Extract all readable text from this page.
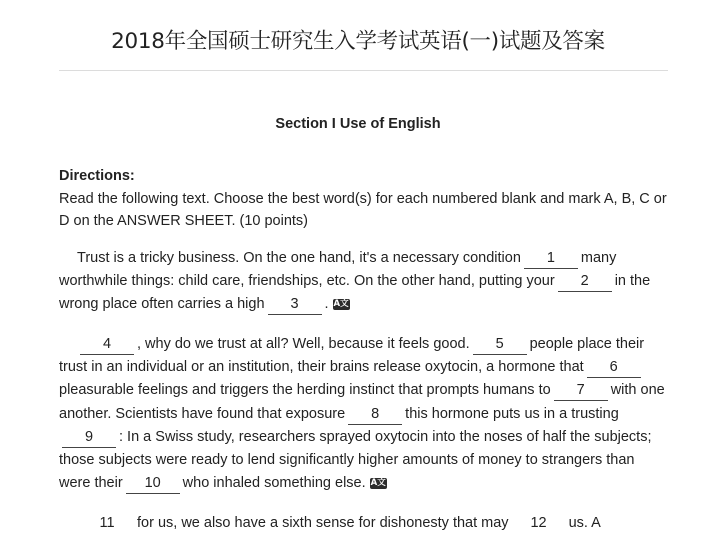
2018年全国硕士研究生入学考试英语(一)试题及答案
Section I Use of English
Directions:
Read the following text. Choose the best word(s) for each numbered blank and mark A, B, C or D on the ANSWER SHEET. (10 points)
Trust is a tricky business. On the one hand, it's a necessary condition 1 many worthwhile things: child care, friendships, etc. On the other hand, putting your 2 in the wrong place often carries a high 3 . A文
4 , why do we trust at all? Well, because it feels good. 5 people place their trust in an individual or an institution, their brains release oxytocin, a hormone that 6pleasurable feelings and triggers the herding instinct that prompts humans to 7 with one another. Scientists have found that exposure 8 this hormone puts us in a trusting9 : In a Swiss study, researchers sprayed oxytocin into the noses of half the subjects; those subjects were ready to lend significantly higher amounts of money to strangers than were their 10 who inhaled something else. A文
11 for us, we also have a sixth sense for dishonesty that may 12 us. A
